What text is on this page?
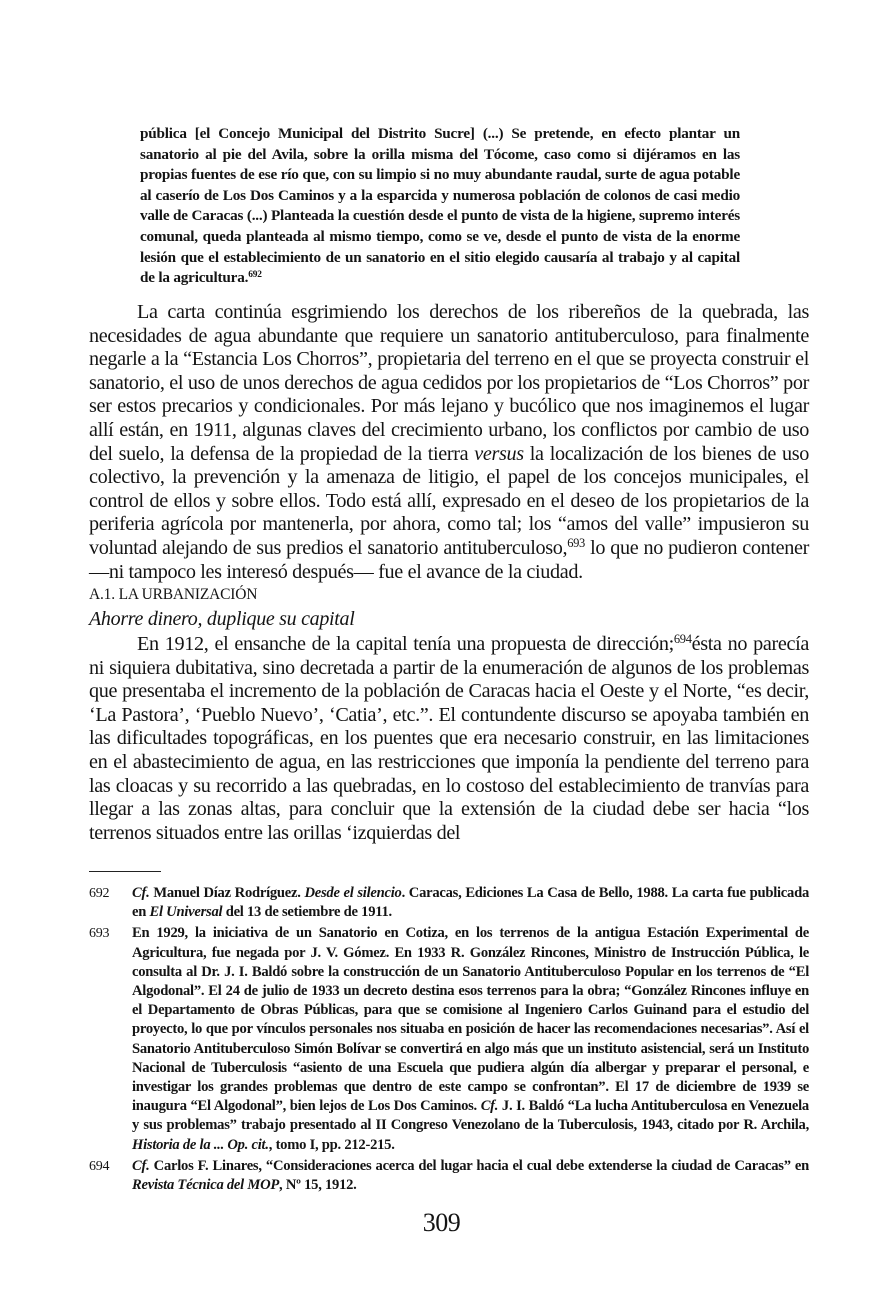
pública [el Concejo Municipal del Distrito Sucre] (...) Se pretende, en efecto plantar un sanatorio al pie del Avila, sobre la orilla misma del Tócome, caso como si dijéramos en las propias fuentes de ese río que, con su limpio si no muy abundante raudal, surte de agua potable al caserío de Los Dos Caminos y a la esparcida y numerosa población de colonos de casi medio valle de Caracas (...) Planteada la cuestión desde el punto de vista de la higiene, supremo interés comunal, queda planteada al mismo tiempo, como se ve, desde el punto de vista de la enorme lesión que el establecimiento de un sanatorio en el sitio elegido causaría al trabajo y al capital de la agricultura.$^{692}$

La carta continúa esgrimiendo los derechos de los ribereños de la quebrada, las necesidades de agua abundante que requiere un sanatorio antituberculoso, para finalmente negarle a la “Estancia Los Chorros”, propietaria del terreno en el que se proyecta construir el sanatorio, el uso de unos derechos de agua cedidos por los propietarios de “Los Chorros” por ser estos precarios y condicionales. Por más lejano y bucólico que nos imaginemos el lugar allí están, en 1911, algunas claves del crecimiento urbano, los conflictos por cambio de uso del suelo, la defensa de la propiedad de la tierra versus la localización de los bienes de uso colectivo, la prevención y la amenaza de litigio, el papel de los concejos municipales, el control de ellos y sobre ellos. Todo está allí, expresado en el deseo de los propietarios de la periferia agrícola por mantenerla, por ahora, como tal; los “amos del valle” impusieron su voluntad alejando de sus predios el sanatorio antituberculoso,$^{693}$ lo que no pudieron contener —ni tampoco les interesó después— fue el avance de la ciudad.

A.1. LA URBANIZACIÓN
Ahorre dinero, duplique su capital

En 1912, el ensanche de la capital tenía una propuesta de dirección;$^{694}$ésta no parecía ni siquiera dubitativa, sino decretada a partir de la enumeración de algunos de los problemas que presentaba el incremento de la población de Caracas hacia el Oeste y el Norte, “es decir, ‘La Pastora’, ‘Pueblo Nuevo’, ‘Catia’, etc.”. El contundente discurso se apoyaba también en las dificultades topográficas, en los puentes que era necesario construir, en las limitaciones en el abastecimiento de agua, en las restricciones que imponía la pendiente del terreno para las cloacas y su recorrido a las quebradas, en lo costoso del establecimiento de tranvías para llegar a las zonas altas, para concluir que la extensión de la ciudad debe ser hacia “los terrenos situados entre las orillas ‘izquierdas del

692	Cf. Manuel Díaz Rodríguez. Desde el silencio. Caracas, Ediciones La Casa de Bello, 1988. La carta fue publicada en El Universal del 13 de setiembre de 1911.
693	En 1929, la iniciativa de un Sanatorio en Cotiza, en los terrenos de la antigua Estación Experimental de Agricultura, fue negada por J. V. Gómez. En 1933 R. González Rincones, Ministro de Instrucción Pública, le consulta al Dr. J. I. Baldó sobre la construcción de un Sanatorio Antituberculoso Popular en los terrenos de “El Algodonal”. El 24 de julio de 1933 un decreto destina esos terrenos para la obra; “González Rincones influye en el Departamento de Obras Públicas, para que se comisione al Ingeniero Carlos Guinand para el estudio del proyecto, lo que por vínculos personales nos situaba en posición de hacer las recomendaciones necesarias”. Así el Sanatorio Antituberculoso Simón Bolívar se convertirá en algo más que un instituto asistencial, será un Instituto Nacional de Tuberculosis “asiento de una Escuela que pudiera algún día albergar y preparar el personal, e investigar los grandes problemas que dentro de este campo se confrontan”. El 17 de diciembre de 1939 se inaugura “El Algodonal”, bien lejos de Los Dos Caminos. Cf. J. I. Baldó “La lucha Antituberculosa en Venezuela y sus problemas” trabajo presentado al II Congreso Venezolano de la Tuberculosis, 1943, citado por R. Archila, Historia de la ... Op. cit., tomo I, pp. 212-215.
694	Cf. Carlos F. Linares, “Consideraciones acerca del lugar hacia el cual debe extenderse la ciudad de Caracas” en Revista Técnica del MOP, Nº 15, 1912.
309
